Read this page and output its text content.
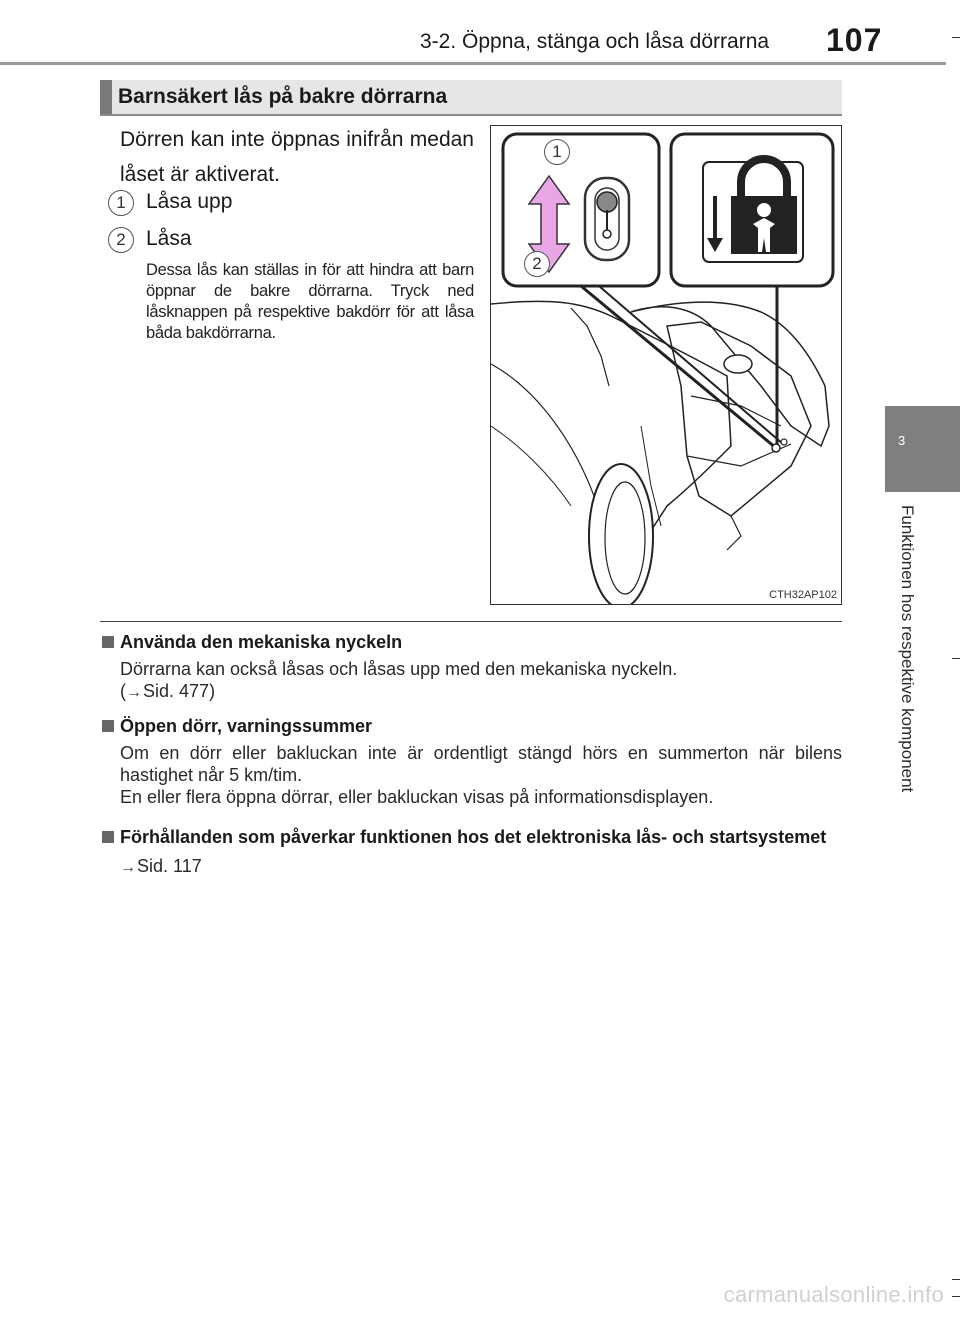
3-2. Öppna, stänga och låsa dörrarna 107
Barnsäkert lås på bakre dörrarna
Dörren kan inte öppnas inifrån medan låset är aktiverat.
1 Låsa upp
2 Låsa
Dessa lås kan ställas in för att hindra att barn öppnar de bakre dörrarna. Tryck ned låsknappen på respektive bakdörr för att låsa båda bakdörrarna.
1
2
CTH32AP102
Använda den mekaniska nyckeln
Dörrarna kan också låsas och låsas upp med den mekaniska nyckeln.
(→Sid. 477)
Öppen dörr, varningssummer
Om en dörr eller bakluckan inte är ordentligt stängd hörs en summerton när bilens hastighet når 5 km/tim.
En eller flera öppna dörrar, eller bakluckan visas på informationsdisplayen.
Förhållanden som påverkar funktionen hos det elektroniska lås- och startsystemet
→Sid. 117
3
Funktionen hos respektive komponent
carmanualsonline.info
